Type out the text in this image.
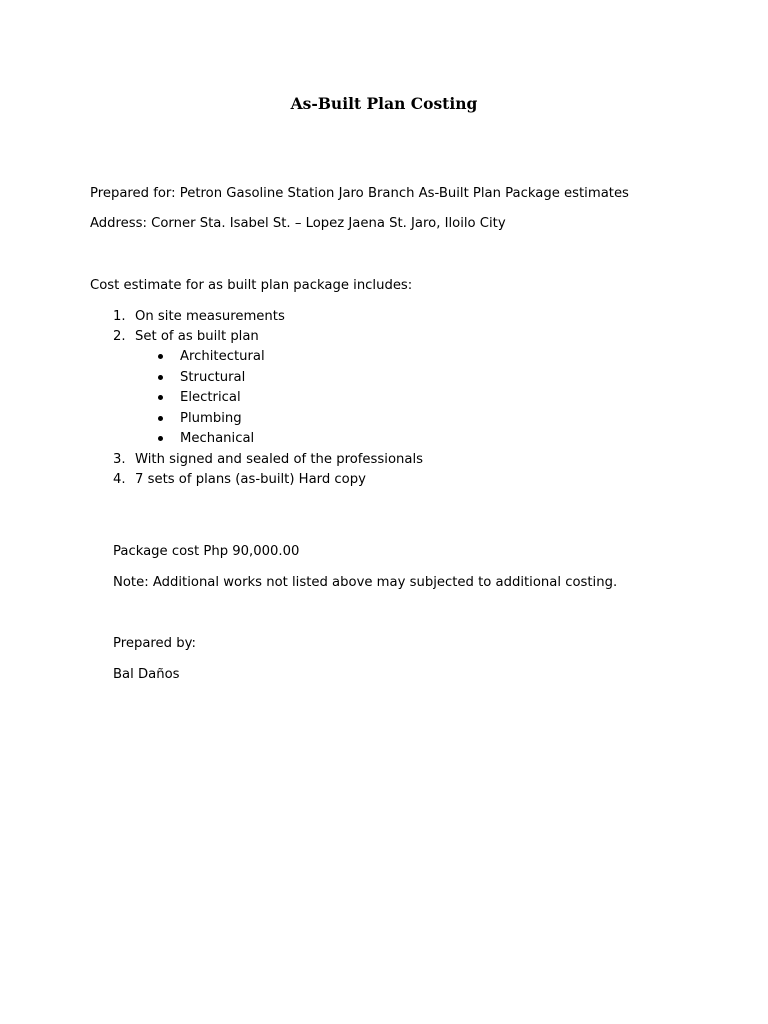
As-Built Plan Costing
Prepared for: Petron Gasoline Station Jaro Branch As-Built Plan Package estimates
Address: Corner Sta. Isabel St. – Lopez Jaena St. Jaro, Iloilo City
Cost estimate for as built plan package includes:
1. On site measurements
2. Set of as built plan
Architectural
Structural
Electrical
Plumbing
Mechanical
3. With signed and sealed of the professionals
4. 7 sets of plans (as-built) Hard copy
Package cost Php 90,000.00
Note: Additional works not listed above may subjected to additional costing.
Prepared by:
Bal Daños
